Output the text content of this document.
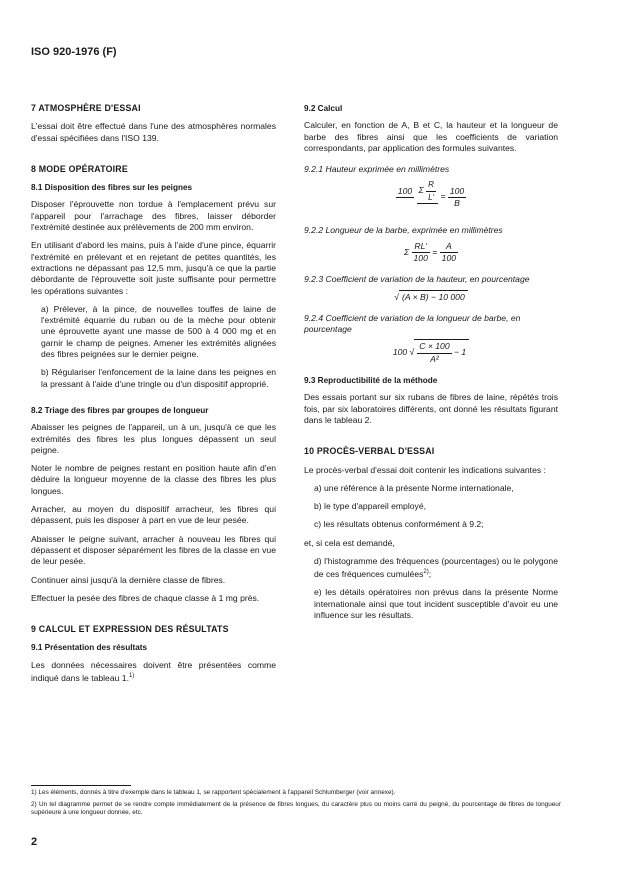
ISO 920-1976 (F)
7 ATMOSPHÈRE D'ESSAI

L'essai doit être effectué dans l'une des atmosphères normales d'essai spécifiées dans l'ISO 139.

8 MODE OPÉRATOIRE
8.1 Disposition des fibres sur les peignes

Disposer l'éprouvette non tordue à l'emplacement prévu sur l'appareil pour l'arrachage des fibres, laisser déborder l'extrémité destinée aux prélèvements de 200 mm environ.

En utilisant d'abord les mains, puis à l'aide d'une pince, équarrir l'extrémité en prélevant et en rejetant de petites quantités, les extractions ne dépassant pas 12,5 mm, jusqu'à ce que la partie débordante de l'éprouvette soit juste suffisante pour permettre les opérations suivantes :

a) Prélever, à la pince, de nouvelles touffes de laine de l'extrémité équarrie du ruban ou de la mèche pour obtenir une éprouvette ayant une masse de 500 à 4 000 mg et en garnir le champ de peignes. Amener les extrémités alignées des fibres peignées sur le dernier peigne.

b) Régulariser l'enfoncement de la laine dans les peignes en la pressant à l'aide d'une tringle ou d'un dispositif approprié.

8.2 Triage des fibres par groupes de longueur

Abaisser les peignes de l'appareil, un à un, jusqu'à ce que les extrémités des fibres les plus longues dépassent un seul peigne.

Noter le nombre de peignes restant en position haute afin d'en déduire la longueur moyenne de la classe des fibres les plus longues.

Arracher, au moyen du dispositif arracheur, les fibres qui dépassent, puis les disposer à part en vue de leur pesée.

Abaisser le peigne suivant, arracher à nouveau les fibres qui dépassent et disposer séparément les fibres de la classe en vue de leur pesée.

Continuer ainsi jusqu'à la dernière classe de fibres.

Effectuer la pesée des fibres de chaque classe à 1 mg près.

9 CALCUL ET EXPRESSION DES RÉSULTATS
9.1 Présentation des résultats

Les données nécessaires doivent être présentées comme indiqué dans le tableau 1.$^{1)}$

9.2 Calcul

Calculer, en fonction de A, B et C, la hauteur et la longueur de barbe des fibres ainsi que les coefficients de variation correspondants, par application des formules suivantes.

9.2.1 Hauteur exprimée en millimètres
100

Σ $\frac{R}{L'}$
= $\frac{100}{B}$
9.2.2 Longueur de la barbe, exprimée en millimètres
Σ $\frac{RL'}{100} = \frac{A}{100}$
9.2.3 Coefficient de variation de la hauteur, en pourcentage
√ (A × B) − 10 000
9.2.4 Coefficient de variation de la longueur de barbe, en pourcentage
100 √ $\frac{C \times 100}{\text{A²}} - 1$
9.3 Reproductibilité de la méthode

Des essais portant sur six rubans de fibres de laine, répétés trois fois, par six laboratoires différents, ont donné les résultats figurant dans le tableau 2.

10 PROCÈS-VERBAL D'ESSAI

Le procès-verbal d'essai doit contenir les indications suivantes :

a) une référence à la présente Norme internationale,

b) le type d'appareil employé,

c) les résultats obtenus conformément à 9.2;

et, si cela est demandé,

d) l'histogramme des fréquences (pourcentages) ou le polygone de ces fréquences cumulées$^{2)}$;

e) les détails opératoires non prévus dans la présente Norme internationale ainsi que tout incident susceptible d'avoir eu une influence sur les résultats.

1) Les éléments, donnés à titre d'exemple dans le tableau 1, se rapportent spécialement à l'appareil Schlumberger (voir annexe).

2) Un tel diagramme permet de se rendre compte immédiatement de la présence de fibres longues, du caractère plus ou moins carré du peigné, du pourcentage de fibres de longueur supérieure à une longueur donnée, etc.

2
